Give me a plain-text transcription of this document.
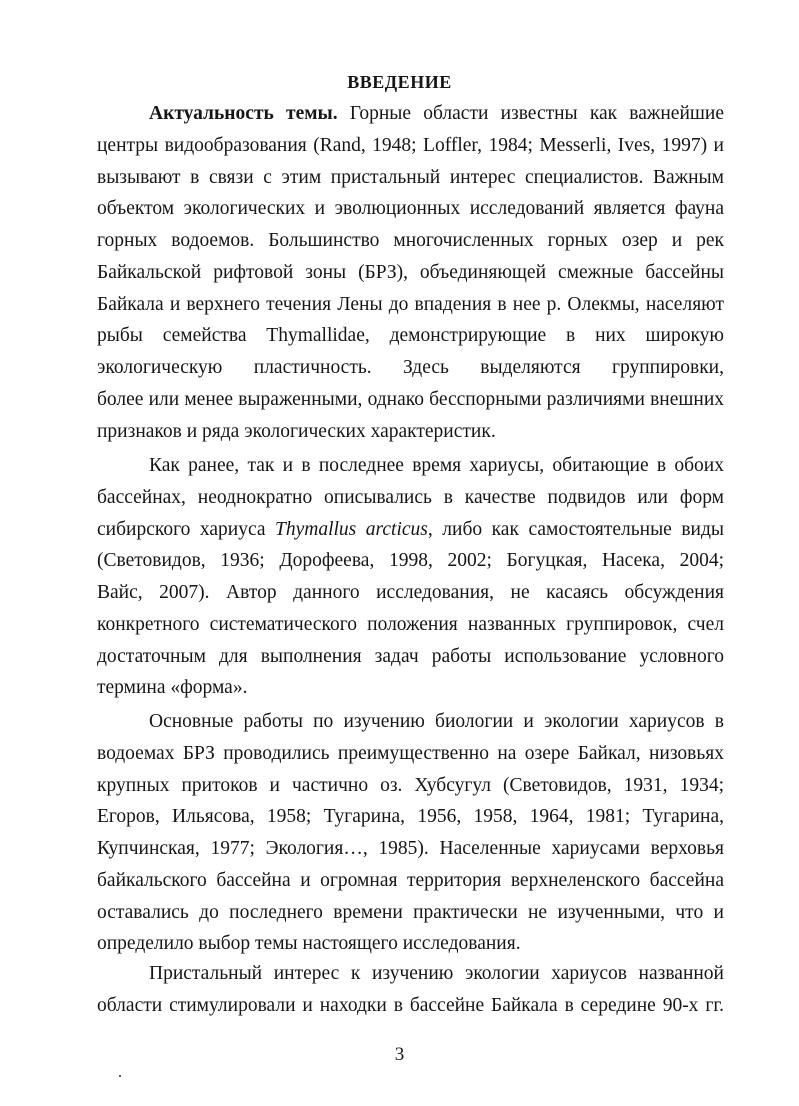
ВВЕДЕНИЕ
Актуальность темы. Горные области известны как важнейшие
центры видообразования (Rand, 1948; Loffler, 1984; Messerli, Ives, 1997) и
вызывают в связи с этим пристальный интерес специалистов. Важным
объектом экологических и эволюционных исследований является фауна
горных водоемов. Большинство многочисленных горных озер и рек
Байкальской рифтовой зоны (БРЗ), объединяющей смежные бассейны
Байкала и верхнего течения Лены до впадения в нее р. Олекмы, населяют
рыбы семейства Thymallidae, демонстрирующие в них широкую
экологическую пластичность. Здесь выделяются группировки,
более или менее выраженными, однако бесспорными различиями внешних
признаков и ряда экологических характеристик.
Как ранее, так и в последнее время хариусы, обитающие в обоих
бассейнах, неоднократно описывались в качестве подвидов или форм
сибирского хариуса Thymallus arcticus, либо как самостоятельные виды
(Световидов, 1936; Дорофеева, 1998, 2002; Богуцкая, Насека, 2004;
Вайс, 2007). Автор данного исследования, не касаясь обсуждения
конкретного систематического положения названных группировок, счел
достаточным для выполнения задач работы использование условного
термина «форма».
Основные работы по изучению биологии и экологии хариусов в
водоемах БРЗ проводились преимущественно на озере Байкал, низовьях
крупных притоков и частично оз. Хубсугул (Световидов, 1931, 1934;
Егоров, Ильясова, 1958; Тугарина, 1956, 1958, 1964, 1981; Тугарина,
Купчинская, 1977; Экология…, 1985). Населенные хариусами верховья
байкальского бассейна и огромная территория верхнеленского бассейна
оставались до последнего времени практически не изученными, что и
определило выбор темы настоящего исследования.
Пристальный интерес к изучению экологии хариусов названной
области стимулировали и находки в бассейне Байкала в середине 90-х гг.
3
